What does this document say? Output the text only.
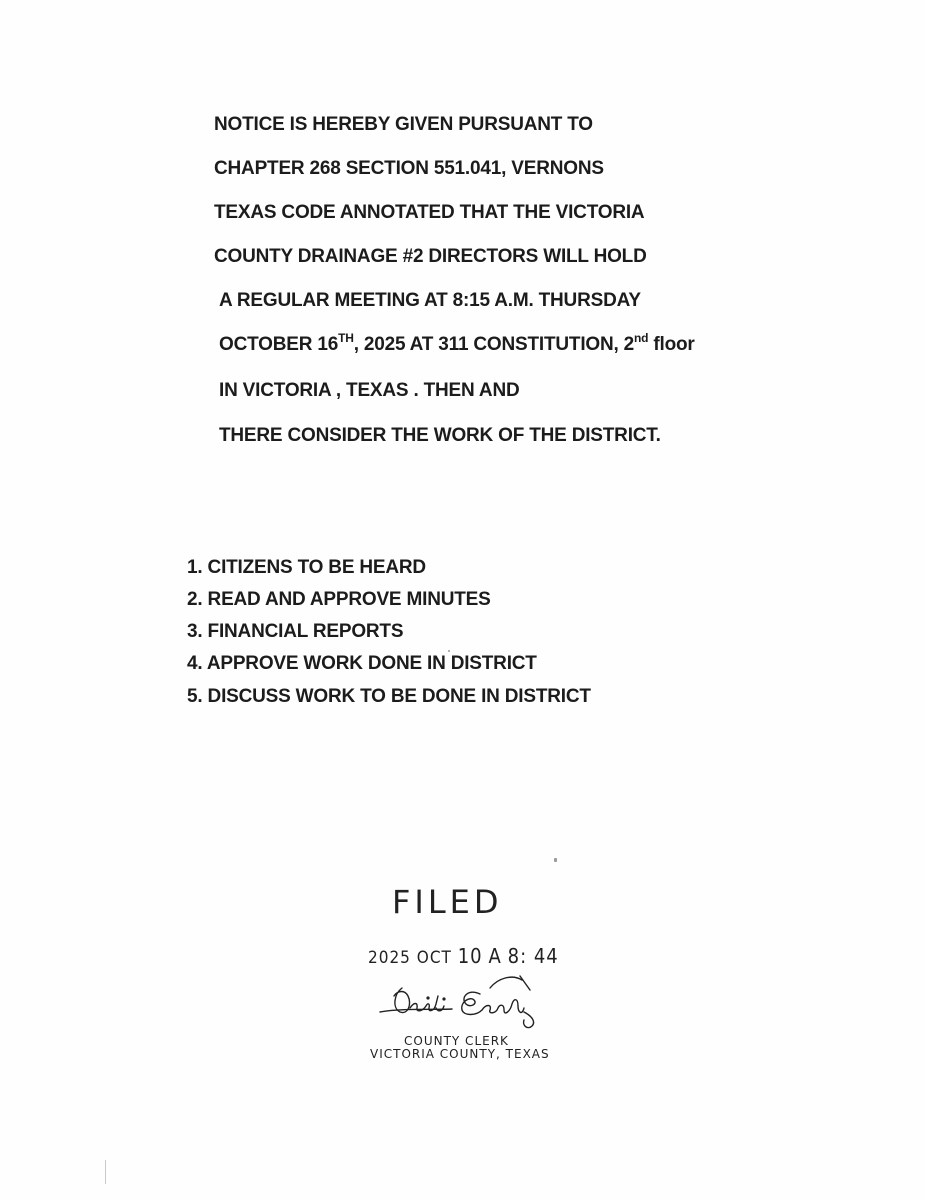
NOTICE IS HEREBY GIVEN PURSUANT TO
CHAPTER 268 SECTION 551.041, VERNONS
TEXAS CODE ANNOTATED THAT THE VICTORIA
COUNTY DRAINAGE #2 DIRECTORS WILL HOLD
A REGULAR MEETING AT 8:15 A.M. THURSDAY
OCTOBER 16TH, 2025 AT 311 CONSTITUTION, 2nd floor
IN VICTORIA , TEXAS . THEN AND
THERE CONSIDER THE WORK OF THE DISTRICT.
1. CITIZENS TO BE HEARD
2. READ AND APPROVE MINUTES
3. FINANCIAL REPORTS
4. APPROVE WORK DONE IN DISTRICT
5. DISCUSS WORK TO BE DONE IN DISTRICT
FILED
2025 OCT 10 A 8: 44
COUNTY CLERK
VICTORIA COUNTY, TEXAS
